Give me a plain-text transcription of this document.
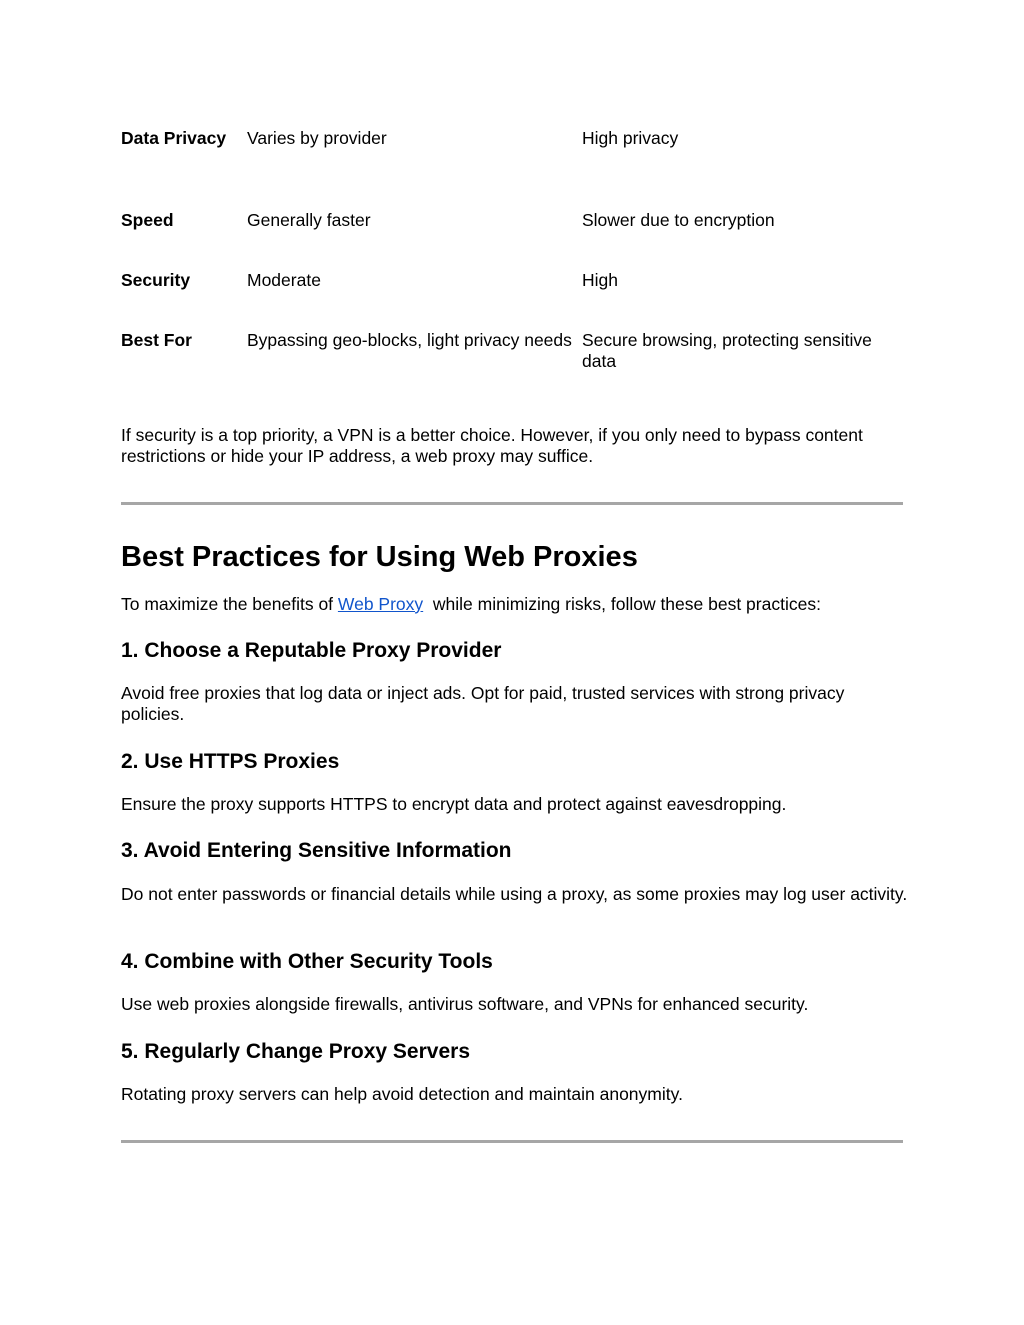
Data Privacy	Varies by provider	High privacy
Speed	Generally faster	Slower due to encryption
Security	Moderate	High
Best For	Bypassing geo-blocks, light privacy needs	Secure browsing, protecting sensitive data

If security is a top priority, a VPN is a better choice. However, if you only need to bypass content restrictions or hide your IP address, a web proxy may suffice.

Best Practices for Using Web Proxies

To maximize the benefits of Web Proxy  while minimizing risks, follow these best practices:

1. Choose a Reputable Proxy Provider

Avoid free proxies that log data or inject ads. Opt for paid, trusted services with strong privacy policies.

2. Use HTTPS Proxies

Ensure the proxy supports HTTPS to encrypt data and protect against eavesdropping.

3. Avoid Entering Sensitive Information

Do not enter passwords or financial details while using a proxy, as some proxies may log user activity.

4. Combine with Other Security Tools

Use web proxies alongside firewalls, antivirus software, and VPNs for enhanced security.

5. Regularly Change Proxy Servers

Rotating proxy servers can help avoid detection and maintain anonymity.
